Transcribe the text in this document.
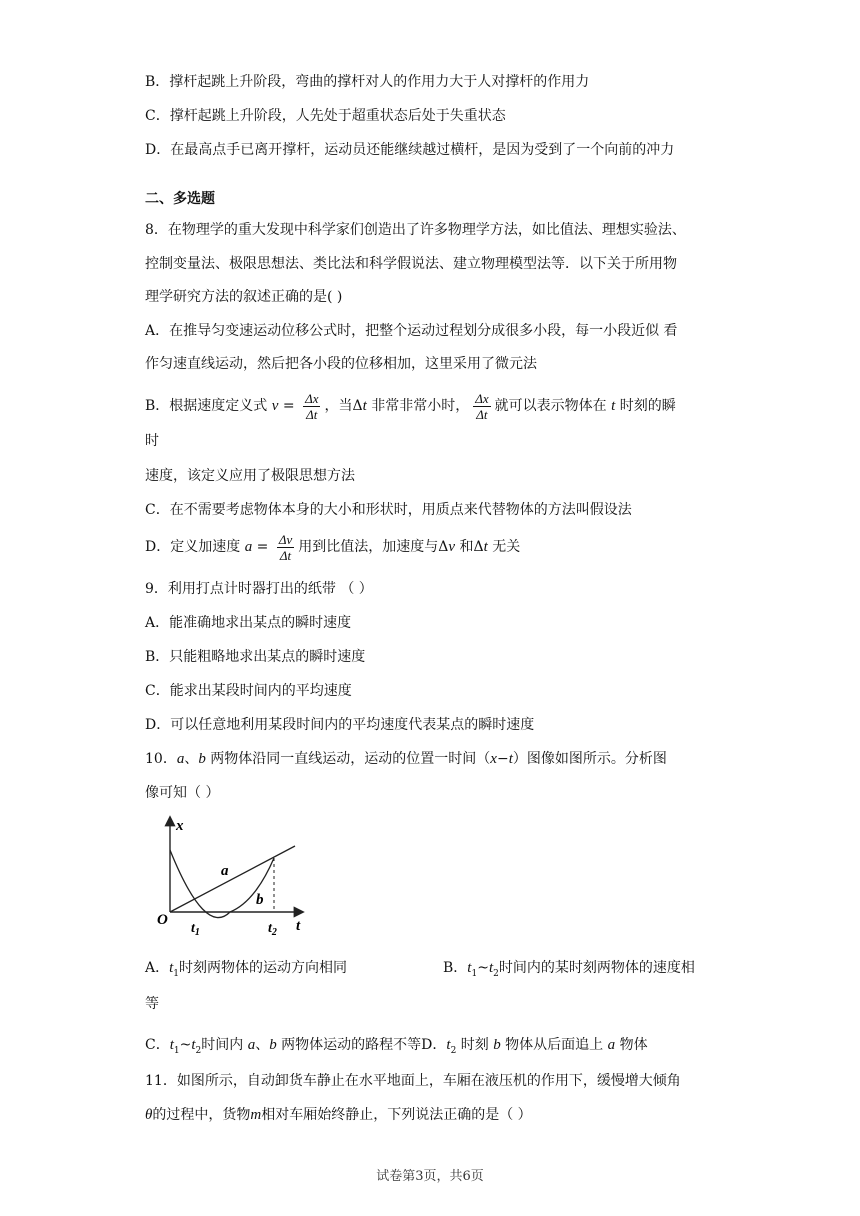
B．撑杆起跳上升阶段，弯曲的撑杆对人的作用力大于人对撑杆的作用力
C．撑杆起跳上升阶段，人先处于超重状态后处于失重状态
D．在最高点手已离开撑杆，运动员还能继续越过横杆，是因为受到了一个向前的冲力
二、多选题
8．在物理学的重大发现中科学家们创造出了许多物理学方法，如比值法、理想实验法、
控制变量法、极限思想法、类比法和科学假说法、建立物理模型法等．以下关于所用物
理学研究方法的叙述正确的是( )
A．在推导匀变速运动位移公式时，把整个运动过程划分成很多小段，每一小段近似 看
作匀速直线运动，然后把各小段的位移相加，这里采用了微元法
B．根据速度定义式 $v = \frac{\Delta x}{\Delta t}$ ，当Δt 非常非常小时， $\frac{\Delta x}{\Delta t}$ 就可以表示物体在 t 时刻的瞬
时
速度，该定义应用了极限思想方法
C．在不需要考虑物体本身的大小和形状时，用质点来代替物体的方法叫假设法
D．定义加速度 $a = \frac{\Delta v}{\Delta t}$ 用到比值法，加速度与Δv 和Δt 无关
9．利用打点计时器打出的纸带 （ ）
A．能准确地求出某点的瞬时速度
B．只能粗略地求出某点的瞬时速度
C．能求出某段时间内的平均速度
D．可以任意地利用某段时间内的平均速度代表某点的瞬时速度
10．a、b 两物体沿同一直线运动，运动的位置一时间（x−t）图像如图所示。分析图
像可知（ ）
x
t
O
a
b
$t_1$	$t_2$
A．$t_1$时刻两物体的运动方向相同	B．$t_1\sim t_2$时间内的某时刻两物体的速度相
等
C．$t_1\sim t_2$时间内 a、b 两物体运动的路程不等D．$t_2$ 时刻 b 物体从后面追上 a 物体
11．如图所示，自动卸货车静止在水平地面上，车厢在液压机的作用下，缓慢增大倾角
θ的过程中，货物m相对车厢始终静止，下列说法正确的是（ ）
试卷第3页，共6页
